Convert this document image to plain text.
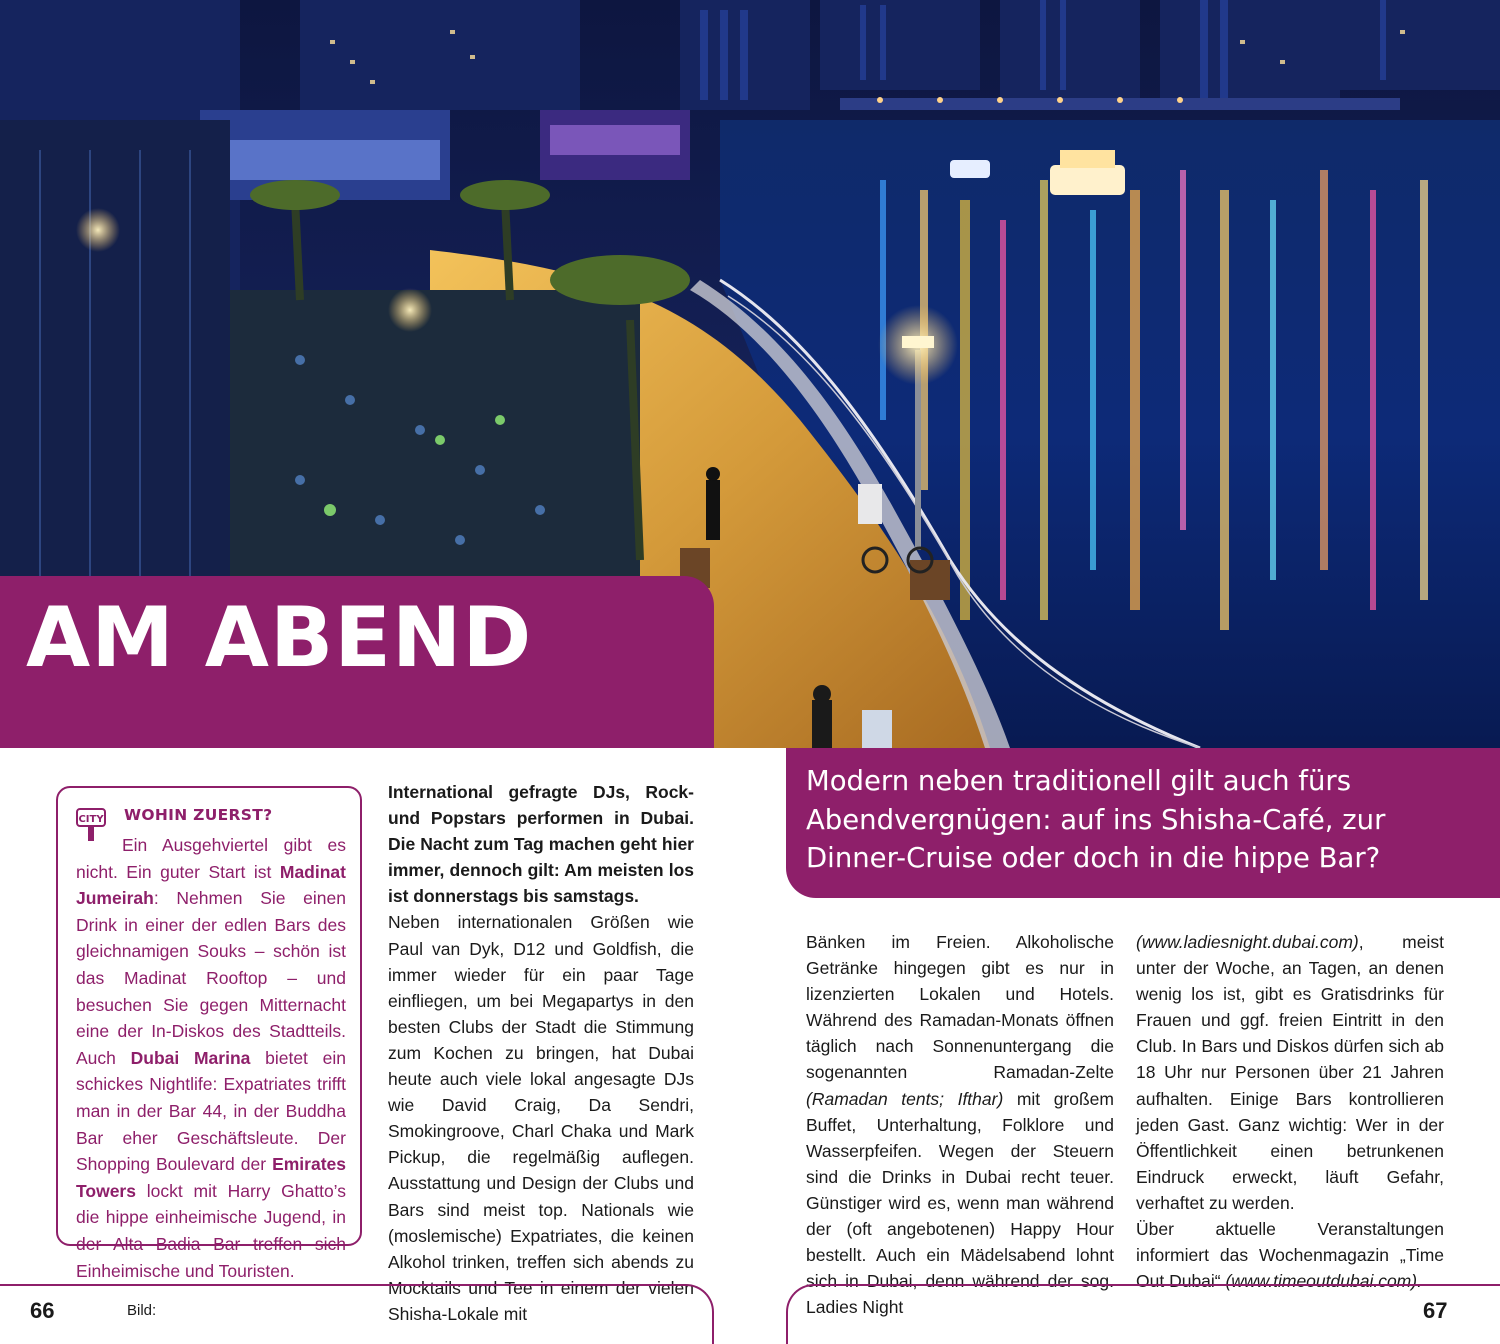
AM ABEND

Modern neben traditionell gilt auch fürs Abendvergnügen: auf ins Shisha-Café, zur Dinner-Cruise oder doch in die hippe Bar?

CITY WOHIN ZUERST?

Ein Ausgehviertel gibt es nicht. Ein guter Start ist Madinat Jumeirah: Nehmen Sie einen Drink in einer der edlen Bars des gleichnamigen Souks – schön ist das Madinat Rooftop – und besuchen Sie gegen Mitternacht eine der In-Diskos des Stadtteils. Auch Dubai Marina bietet ein schickes Nightlife: Expatriates trifft man in der Bar 44, in der Buddha Bar eher Geschäftsleute. Der Shopping Boulevard der Emirates Towers lockt mit Harry Ghatto’s die hippe einheimische Jugend, in der Alta Badia Bar treffen sich Einheimische und Touristen.

International gefragte DJs, Rock- und Popstars performen in Dubai. Die Nacht zum Tag machen geht hier immer, dennoch gilt: Am meisten los ist donnerstags bis samstags.

Neben internationalen Größen wie Paul van Dyk, D12 und Goldfish, die immer wieder für ein paar Tage einfliegen, um bei Megapartys in den besten Clubs der Stadt die Stimmung zum Kochen zu bringen, hat Dubai heute auch viele lokal angesagte DJs wie David Craig, Da Sendri, Smokingroove, Charl Chaka und Mark Pickup, die regelmäßig auflegen. Ausstattung und Design der Clubs und Bars sind meist top. Nationals wie (moslemische) Expatriates, die keinen Alkohol trinken, treffen sich abends zu Mocktails und Tee in einem der vielen Shisha-Lokale mit

Bänken im Freien. Alkoholische Getränke hingegen gibt es nur in lizenzierten Lokalen und Hotels. Während des Ramadan-Monats öffnen täglich nach Sonnenuntergang die sogenannten Ramadan-Zelte (Ramadan tents; Ifthar) mit großem Buffet, Unterhaltung, Folklore und Wasserpfeifen. Wegen der Steuern sind die Drinks in Dubai recht teuer. Günstiger wird es, wenn man während der (oft angebotenen) Happy Hour bestellt. Auch ein Mädelsabend lohnt sich in Dubai, denn während der sog. Ladies Night

(www.ladiesnight.dubai.com), meist unter der Woche, an Tagen, an denen wenig los ist, gibt es Gratisdrinks für Frauen und ggf. freien Eintritt in den Club. In Bars und Diskos dürfen sich ab 18 Uhr nur Personen über 21 Jahren aufhalten. Einige Bars kontrollieren jeden Gast. Ganz wichtig: Wer in der Öffentlichkeit einen betrunkenen Eindruck erweckt, läuft Gefahr, verhaftet zu werden.

Über aktuelle Veranstaltungen informiert das Wochenmagazin „Time Out Dubai“ (www.timeoutdubai.com).

66	Bild:	67
